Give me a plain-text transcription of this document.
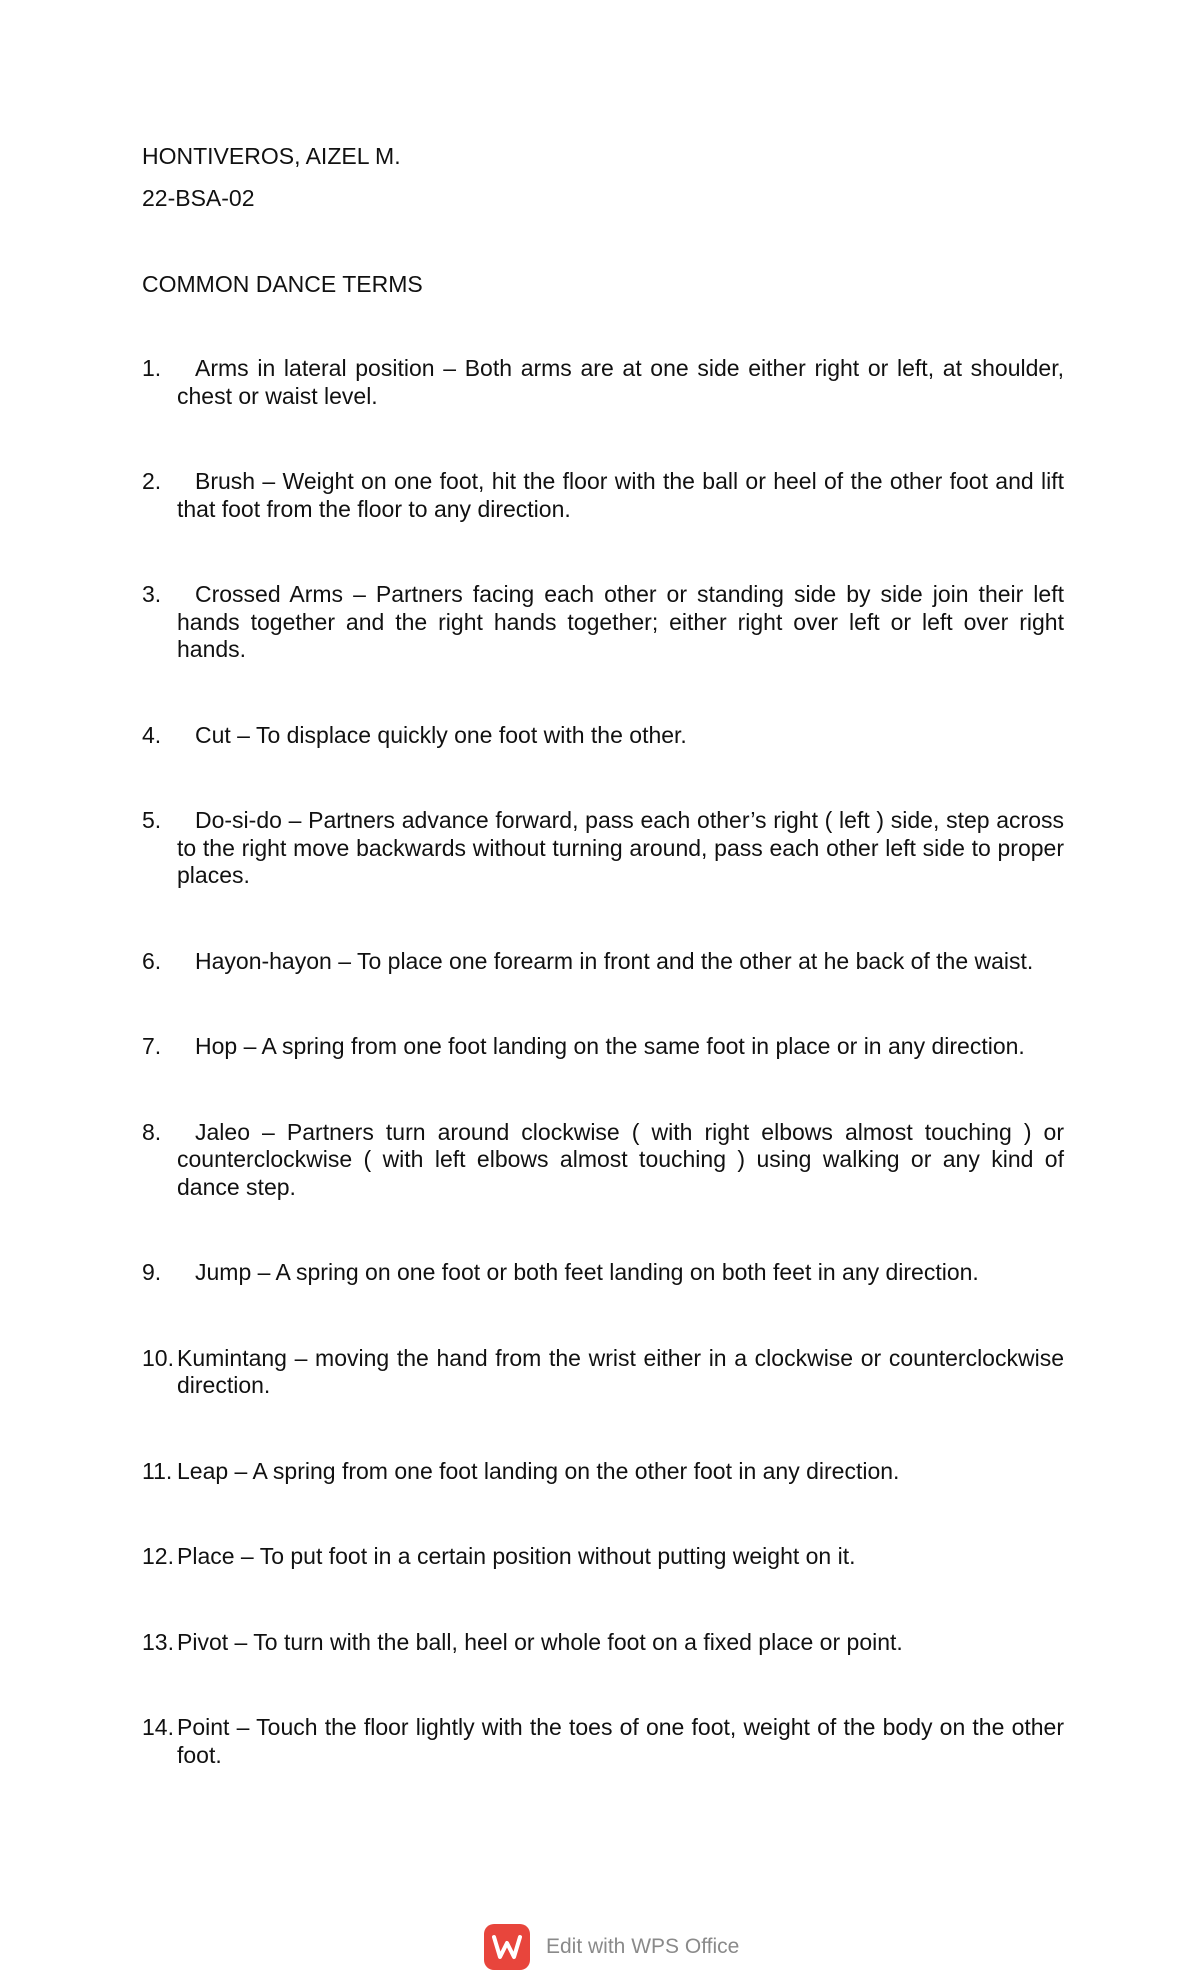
HONTIVEROS, AIZEL M.

22-BSA-02

COMMON DANCE TERMS

1.	Arms in lateral position – Both arms are at one side either right or left, at shoulder, chest or waist level.
2.	Brush – Weight on one foot, hit the floor with the ball or heel of the other foot and lift that foot from the floor to any direction.
3.	Crossed Arms – Partners facing each other or standing side by side join their left hands together and the right hands together; either right over left or left over right hands.
4.	Cut – To displace quickly one foot with the other.
5.	Do-si-do – Partners advance forward, pass each other’s right ( left ) side, step across to the right move backwards without turning around, pass each other left side to proper places.
6.	Hayon-hayon – To place one forearm in front and the other at he back of the waist.
7.	Hop – A spring from one foot landing on the same foot in place or in any direction.
8.	Jaleo – Partners turn around clockwise ( with right elbows almost touching ) or counterclockwise ( with left elbows almost touching ) using walking or any kind of dance step.
9.	Jump – A spring on one foot or both feet landing on both feet in any direction.
10. Kumintang – moving the hand from the wrist either in a clockwise or counterclockwise direction.
11. Leap – A spring from one foot landing on the other foot in any direction.
12. Place – To put foot in a certain position without putting weight on it.
13. Pivot – To turn with the ball, heel or whole foot on a fixed place or point.
14. Point – Touch the floor lightly with the toes of one foot, weight of the body on the other foot.
Edit with WPS Office
